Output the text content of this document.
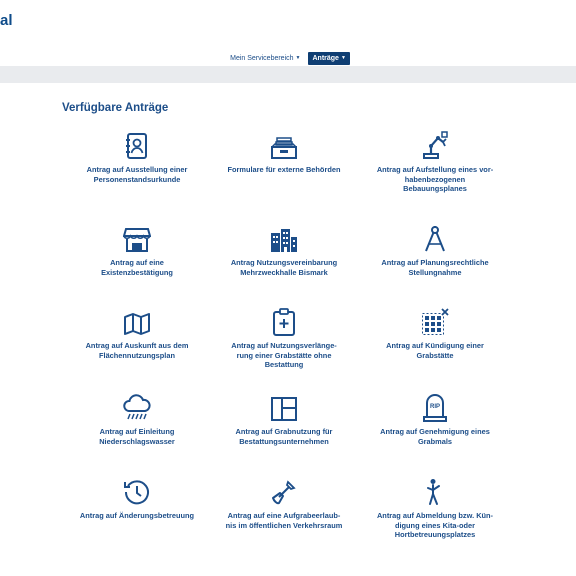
al
Mein Servicebereich ▼ Anträge ▼
Verfügbare Anträge
Antrag auf Ausstellung einer
Personenstandsurkunde
Formulare für externe Behörden	Antrag auf Aufstellung eines vor-
habenbezogenen
Bebauungsplanes
Antrag auf eine
Existenzbestätigung
Antrag Nutzungsvereinbarung
Mehrzweckhalle Bismark
Antrag auf Planungsrechtliche
Stellungnahme
Antrag auf Auskunft aus dem
Flächennutzungsplan
Antrag auf Nutzungsverlänge-
rung einer Grabstätte ohne
Bestattung
Antrag auf Kündigung einer
Grabstätte
Antrag auf Einleitung
Niederschlagswasser
Antrag auf Grabnutzung für
Bestattungsunternehmen
RIP
Antrag auf Genehmigung eines
Grabmals
Antrag auf Änderungsbetreuung	Antrag auf eine Aufgrabeerlaub-
nis im öffentlichen Verkehrsraum
Antrag auf Abmeldung bzw. Kün-
digung eines Kita-oder
Hortbetreuungsplatzes
